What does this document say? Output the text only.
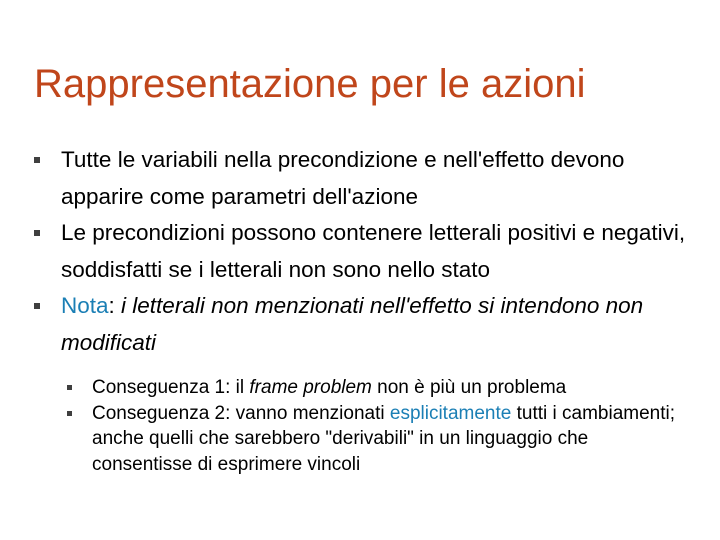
Rappresentazione per le azioni
Tutte le variabili nella precondizione e nell'effetto devono apparire come parametri dell'azione
Le precondizioni possono contenere letterali positivi e negativi, soddisfatti se i letterali non sono nello stato
Nota: i letterali non menzionati nell'effetto si intendono non modificati
Conseguenza 1: il frame problem non è più un problema
Conseguenza 2: vanno menzionati esplicitamente tutti i cambiamenti; anche quelli che sarebbero "derivabili" in un linguaggio che consentisse di esprimere vincoli
